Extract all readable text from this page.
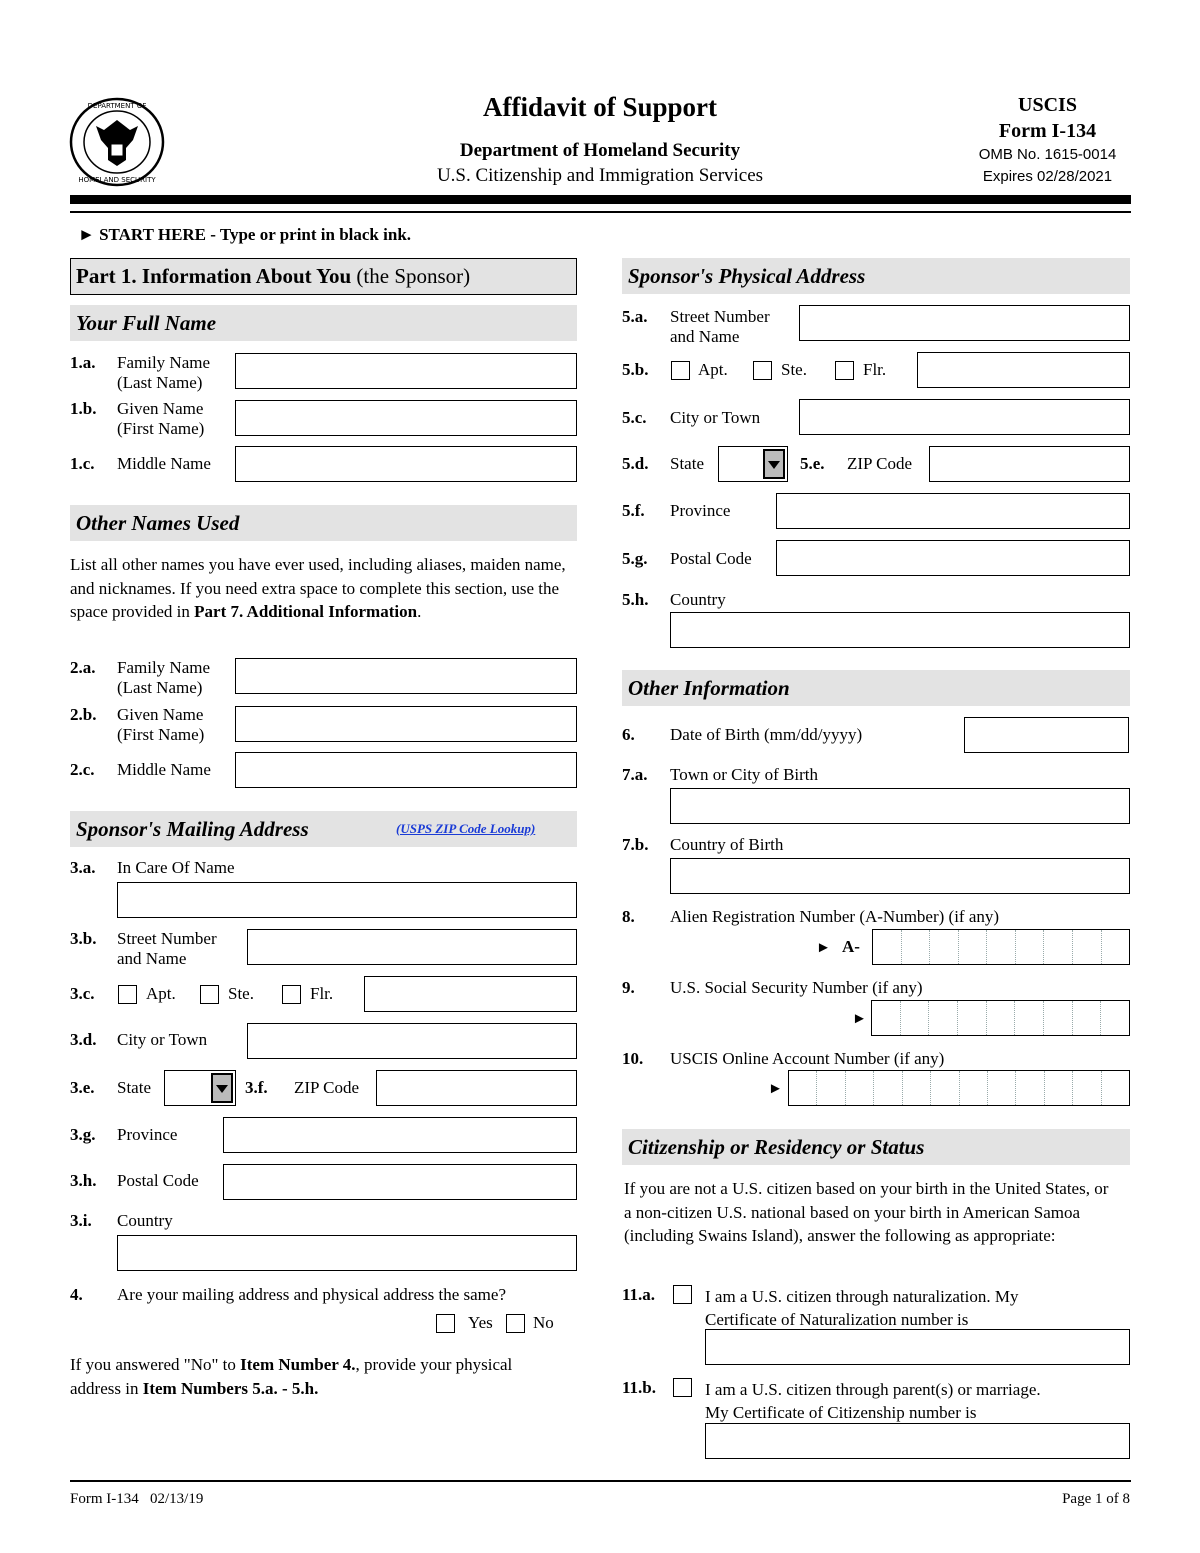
DEPARTMENT OF
HOMELAND SECURITY
Affidavit of Support
Department of Homeland Security
U.S. Citizenship and Immigration Services
USCIS
Form I-134
OMB No. 1615-0014
Expires 02/28/2021
► START HERE - Type or print in black ink.
Part 1. Information About You (the Sponsor)
Your Full Name
1.a. Family Name
(Last Name)
1.b. Given Name
(First Name)
1.c. Middle Name
Other Names Used
List all other names you have ever used, including aliases, maiden name, and nicknames. If you need extra space to complete this section, use the space provided in Part 7. Additional Information.
2.a. Family Name
(Last Name)
2.b. Given Name
(First Name)
2.c. Middle Name
Sponsor's Mailing Address	(USPS ZIP Code Lookup)
3.a. In Care Of Name
3.b. Street Number
and Name
3.c.	Apt.	Ste.	Flr.
3.d. City or Town
3.e. State	3.f. ZIP Code
3.g. Province
3.h. Postal Code
3.i. Country
4. Are your mailing address and physical address the same?
Yes No
If you answered "No" to Item Number 4., provide your physical address in Item Numbers 5.a. - 5.h.
Sponsor's Physical Address
5.a. Street Number
and Name
5.b.	Apt.	Ste.	Flr.
5.c. City or Town
5.d. State	5.e. ZIP Code
5.f. Province
5.g. Postal Code
5.h. Country
Other Information
6. Date of Birth (mm/dd/yyyy)
7.a. Town or City of Birth
7.b. Country of Birth
8. Alien Registration Number (A-Number) (if any)
► A-
9. U.S. Social Security Number (if any)
►
10. USCIS Online Account Number (if any)
►
Citizenship or Residency or Status
If you are not a U.S. citizen based on your birth in the United States, or a non-citizen U.S. national based on your birth in American Samoa (including Swains Island), answer the following as appropriate:
11.a.	I am a U.S. citizen through naturalization. My
Certificate of Naturalization number is
11.b.	I am a U.S. citizen through parent(s) or marriage.
My Certificate of Citizenship number is
Form I-134   02/13/19	Page 1 of 8
